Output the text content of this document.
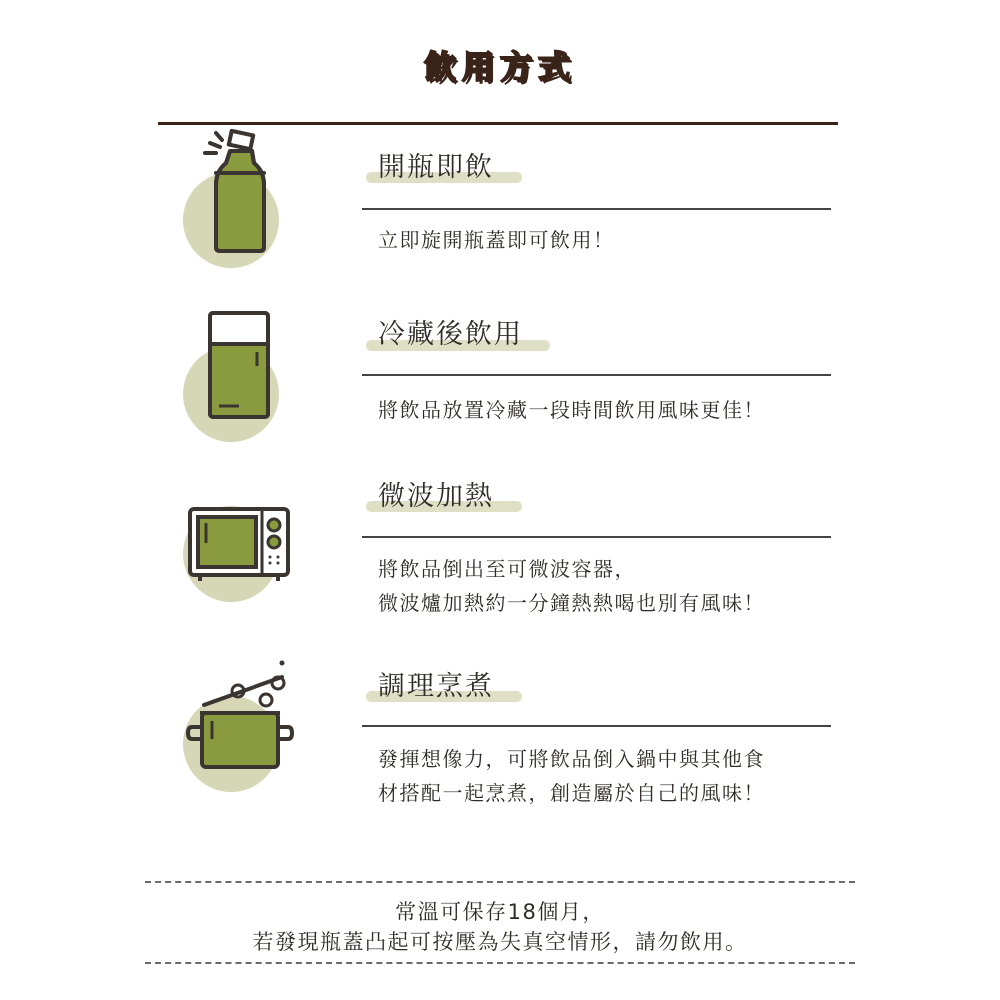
飲用方式
開瓶即飲
立即旋開瓶蓋即可飲用！
冷藏後飲用
將飲品放置冷藏一段時間飲用風味更佳！
微波加熱
將飲品倒出至可微波容器，
微波爐加熱約一分鐘熱熱喝也別有風味！
調理烹煮
發揮想像力，可將飲品倒入鍋中與其他食
材搭配一起烹煮，創造屬於自己的風味！
常溫可保存18個月，
若發現瓶蓋凸起可按壓為失真空情形，請勿飲用。
